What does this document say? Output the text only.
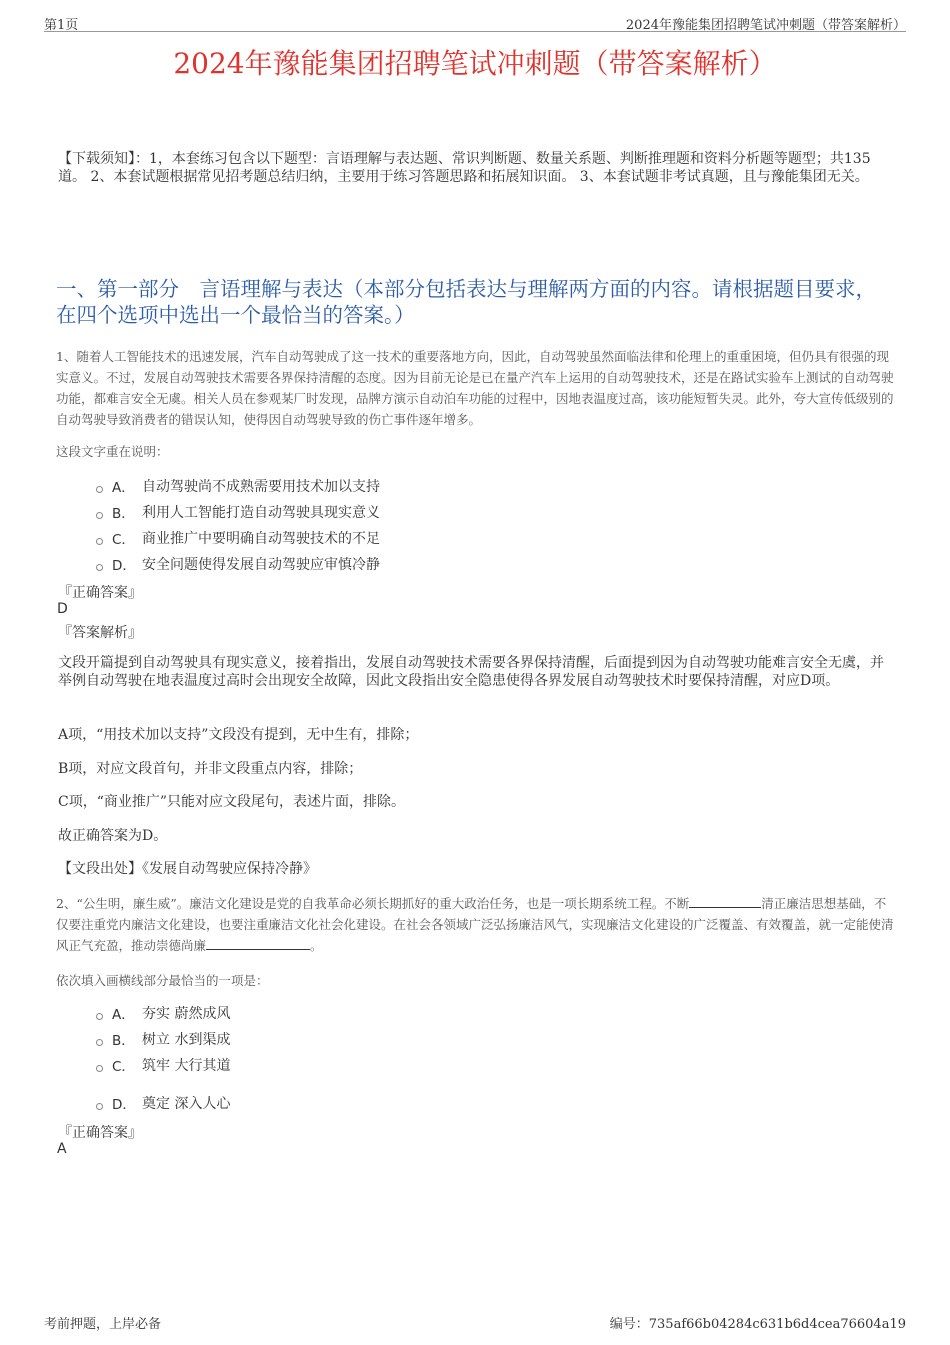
第1页	2024年豫能集团招聘笔试冲刺题（带答案解析）
2024年豫能集团招聘笔试冲刺题（带答案解析）
【下载须知】：1，本套练习包含以下题型：言语理解与表达题、常识判断题、数量关系题、判断推理题和资料分析题等题型；共135道。 2、本套试题根据常见招考题总结归纳，主要用于练习答题思路和拓展知识面。 3、本套试题非考试真题，且与豫能集团无关。
一、第一部分　言语理解与表达（本部分包括表达与理解两方面的内容。请根据题目要求，在四个选项中选出一个最恰当的答案。）
1、随着人工智能技术的迅速发展，汽车自动驾驶成了这一技术的重要落地方向，因此，自动驾驶虽然面临法律和伦理上的重重困境，但仍具有很强的现实意义。不过，发展自动驾驶技术需要各界保持清醒的态度。因为目前无论是已在量产汽车上运用的自动驾驶技术，还是在路试实验车上测试的自动驾驶功能，都难言安全无虞。相关人员在参观某厂时发现，品牌方演示自动泊车功能的过程中，因地表温度过高，该功能短暂失灵。此外，夸大宣传低级别的自动驾驶导致消费者的错误认知，使得因自动驾驶导致的伤亡事件逐年增多。
这段文字重在说明：
A． 自动驾驶尚不成熟需要用技术加以支持
B． 利用人工智能打造自动驾驶具现实意义
C． 商业推广中要明确自动驾驶技术的不足
D． 安全问题使得发展自动驾驶应审慎冷静
『正确答案』
D
『答案解析』
文段开篇提到自动驾驶具有现实意义，接着指出，发展自动驾驶技术需要各界保持清醒，后面提到因为自动驾驶功能难言安全无虞，并举例自动驾驶在地表温度过高时会出现安全故障，因此文段指出安全隐患使得各界发展自动驾驶技术时要保持清醒，对应D项。
A项，“用技术加以支持”文段没有提到，无中生有，排除；
B项，对应文段首句，并非文段重点内容，排除；
C项，“商业推广”只能对应文段尾句，表述片面，排除。
故正确答案为D。
【文段出处】《发展自动驾驶应保持冷静》
2、“公生明，廉生威”。廉洁文化建设是党的自我革命必须长期抓好的重大政治任务，也是一项长期系统工程。不断	清正廉洁思想基础，不仅要注重党内廉洁文化建设，也要注重廉洁文化社会化建设。在社会各领域广泛弘扬廉洁风气，实现廉洁文化建设的广泛覆盖、有效覆盖，就一定能使清风正气充盈，推动崇德尚廉	。
依次填入画横线部分最恰当的一项是：
A． 夯实 蔚然成风
B． 树立 水到渠成
C． 筑牢 大行其道
D． 奠定 深入人心
『正确答案』
A
考前押题，上岸必备	编号：735af66b04284c631b6d4cea76604a19
